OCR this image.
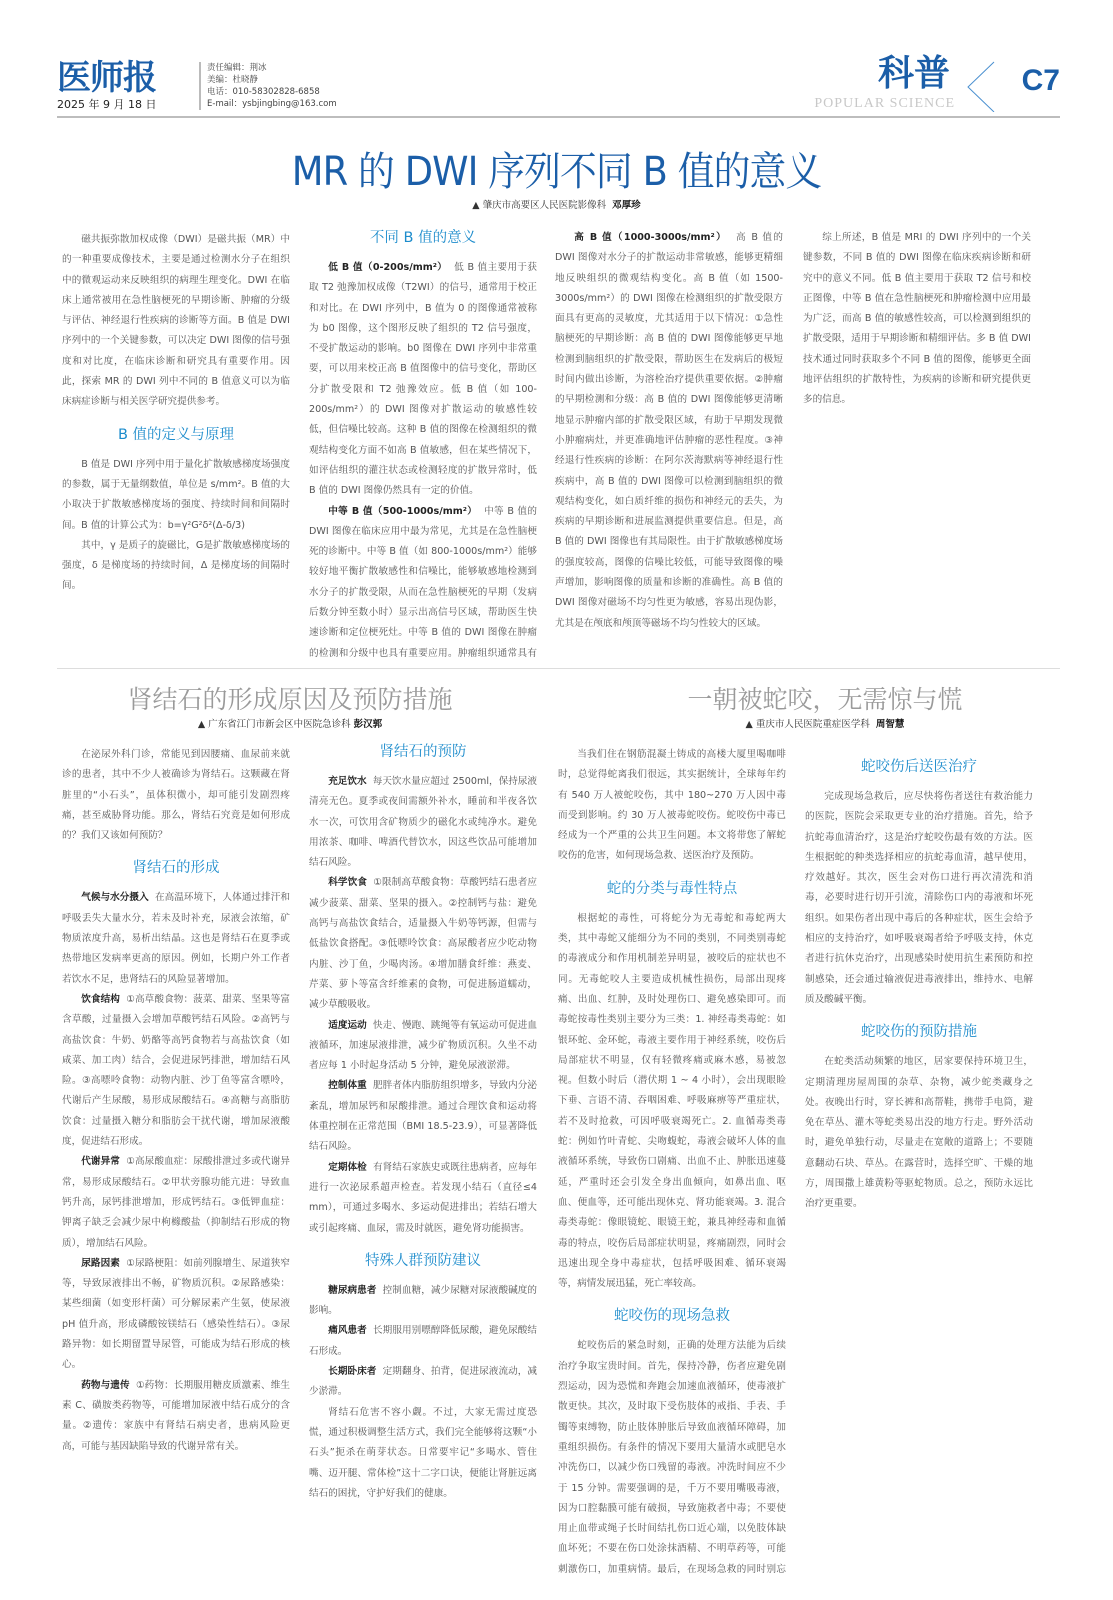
医师报
2025 年 9 月 18 日
责任编辑：荆冰
美编：杜晓静
电话：010-58302828-6858
E-mail：ysbjingbing@163.com
科普
POPULAR SCIENCE
C7
MR 的 DWI 序列不同 B 值的意义
▲ 肇庆市高要区人民医院影像科 邓厚珍

磁共振弥散加权成像（DWI）是磁共振（MR）中的一种重要成像技术，主要是通过检测水分子在组织中的微观运动来反映组织的病理生理变化。DWI 在临床上通常被用在急性脑梗死的早期诊断、肿瘤的分级与评估、神经退行性疾病的诊断等方面。B 值是 DWI 序列中的一个关键参数，可以决定 DWI 图像的信号强度和对比度，在临床诊断和研究具有重要作用。因此，探索 MR 的 DWI 列中不同的 B 值意义可以为临床病症诊断与相关医学研究提供参考。

B 值的定义与原理

B 值是 DWI 序列中用于量化扩散敏感梯度场强度的参数，属于无量纲数值，单位是 s/mm²。B 值的大小取决于扩散敏感梯度场的强度、持续时间和间隔时间。B 值的计算公式为：b=γ²G²δ²(Δ-δ/3)

其中，γ 是质子的旋磁比，G是扩散敏感梯度场的强度，δ 是梯度场的持续时间，Δ 是梯度场的间隔时间。

不同 B 值的意义

低 B 值（0-200s/mm²） 低 B 值主要用于获取 T2 弛豫加权成像（T2WI）的信号，通常用于校正和对比。在 DWI 序列中，B 值为 0 的图像通常被称为 b0 图像，这个图形反映了组织的 T2 信号强度，不受扩散运动的影响。b0 图像在 DWI 序列中非常重要，可以用来校正高 B 值图像中的信号变化，帮助区分扩散受限和 T2 弛豫效应。低 B 值（如 100-200s/mm²）的 DWI 图像对扩散运动的敏感性较低，但信噪比较高。这种 B 值的图像在检测组织的微观结构变化方面不如高 B 值敏感，但在某些情况下，如评估组织的灌注状态或检测轻度的扩散异常时，低 B 值的 DWI 图像仍然具有一定的价值。

中等 B 值（500-1000s/mm²） 中等 B 值的 DWI 图像在临床应用中最为常见，尤其是在急性脑梗死的诊断中。中等 B 值（如 800-1000s/mm²）能够较好地平衡扩散敏感性和信噪比，能够敏感地检测到水分子的扩散受限，从而在急性脑梗死的早期（发病后数分钟至数小时）显示出高信号区域，帮助医生快速诊断和定位梗死灶。中等 B 值的 DWI 图像在肿瘤的检测和分级中也具有重要应用。肿瘤组织通常具有

高 B 值（1000-3000s/mm²） 高 B 值的 DWI 图像对水分子的扩散运动非常敏感，能够更精细地反映组织的微观结构变化。高 B 值（如 1500-3000s/mm²）的 DWI 图像在检测组织的扩散受限方面具有更高的灵敏度，尤其适用于以下情况：①急性脑梗死的早期诊断：高 B 值的 DWI 图像能够更早地检测到脑组织的扩散受限，帮助医生在发病后的极短时间内做出诊断，为溶栓治疗提供重要依据。②肿瘤的早期检测和分级：高 B 值的 DWI 图像能够更清晰地显示肿瘤内部的扩散受限区域，有助于早期发现微小肿瘤病灶，并更准确地评估肿瘤的恶性程度。③神经退行性疾病的诊断：在阿尔茨海默病等神经退行性疾病中，高 B 值的 DWI 图像可以检测到脑组织的微观结构变化，如白质纤维的损伤和神经元的丢失，为疾病的早期诊断和进展监测提供重要信息。但是，高 B 值的 DWI 图像也有其局限性。由于扩散敏感梯度场的强度较高，图像的信噪比较低，可能导致图像的噪声增加，影响图像的质量和诊断的准确性。高 B 值的 DWI 图像对磁场不均匀性更为敏感，容易出现伪影，尤其是在颅底和颅顶等磁场不均匀性较大的区域。

综上所述，B 值是 MRI 的 DWI 序列中的一个关键参数，不同 B 值的 DWI 图像在临床疾病诊断和研究中的意义不同。低 B 值主要用于获取 T2 信号和校正图像，中等 B 值在急性脑梗死和肿瘤检测中应用最为广泛，而高 B 值的敏感性较高，可以检测到组织的扩散受限，适用于早期诊断和精细评估。多 B 值 DWI 技术通过同时获取多个不同 B 值的图像，能够更全面地评估组织的扩散特性，为疾病的诊断和研究提供更多的信息。

肾结石的形成原因及预防措施
▲ 广东省江门市新会区中医院急诊科 彭汉郭

在泌尿外科门诊，常能见到因腰痛、血尿前来就诊的患者，其中不少人被确诊为肾结石。这颗藏在肾脏里的“小石头”，虽体积微小，却可能引发剧烈疼痛，甚至威胁肾功能。那么，肾结石究竟是如何形成的？我们又该如何预防？

肾结石的形成

气候与水分摄入 在高温环境下，人体通过排汗和呼吸丢失大量水分，若未及时补充，尿液会浓缩，矿物质浓度升高，易析出结晶。这也是肾结石在夏季或热带地区发病率更高的原因。例如，长期户外工作者若饮水不足，患肾结石的风险显著增加。

饮食结构 ①高草酸食物：菠菜、甜菜、坚果等富含草酸，过量摄入会增加草酸钙结石风险。②高钙与高盐饮食：牛奶、奶酪等高钙食物若与高盐饮食（如咸菜、加工肉）结合，会促进尿钙排泄，增加结石风险。③高嘌呤食物：动物内脏、沙丁鱼等富含嘌呤，代谢后产生尿酸，易形成尿酸结石。④高糖与高脂肪饮食：过量摄入糖分和脂肪会干扰代谢，增加尿液酸度，促进结石形成。

代谢异常 ①高尿酸血症：尿酸排泄过多或代谢异常，易形成尿酸结石。②甲状旁腺功能亢进：导致血钙升高，尿钙排泄增加，形成钙结石。③低钾血症：钾离子缺乏会减少尿中枸橼酸盐（抑制结石形成的物质），增加结石风险。

尿路因素 ①尿路梗阻：如前列腺增生、尿道狭窄等，导致尿液排出不畅，矿物质沉积。②尿路感染：某些细菌（如变形杆菌）可分解尿素产生氨，使尿液 pH 值升高，形成磷酸铵镁结石（感染性结石）。③尿路异物：如长期留置导尿管，可能成为结石形成的核心。

药物与遗传 ①药物：长期服用糖皮质激素、维生素 C、磺胺类药物等，可能增加尿液中结石成分的含量。②遗传：家族中有肾结石病史者，患病风险更高，可能与基因缺陷导致的代谢异常有关。

肾结石的预防

充足饮水 每天饮水量应超过 2500ml，保持尿液清亮无色。夏季或夜间需额外补水，睡前和半夜各饮水一次，可饮用含矿物质少的磁化水或纯净水。避免用浓茶、咖啡、啤酒代替饮水，因这些饮品可能增加结石风险。

科学饮食 ①限制高草酸食物：草酸钙结石患者应减少菠菜、甜菜、坚果的摄入。②控制钙与盐：避免高钙与高盐饮食结合，适量摄入牛奶等钙源，但需与低盐饮食搭配。③低嘌呤饮食：高尿酸者应少吃动物内脏、沙丁鱼，少喝肉汤。④增加膳食纤维：燕麦、芹菜、萝卜等富含纤维素的食物，可促进肠道蠕动，减少草酸吸收。

适度运动 快走、慢跑、跳绳等有氧运动可促进血液循环，加速尿液排泄，减少矿物质沉积。久坐不动者应每 1 小时起身活动 5 分钟，避免尿液淤滞。

控制体重 肥胖者体内脂肪组织增多，导致内分泌紊乱，增加尿钙和尿酸排泄。通过合理饮食和运动将体重控制在正常范围（BMI 18.5-23.9），可显著降低结石风险。

定期体检 有肾结石家族史或既往患病者，应每年进行一次泌尿系超声检查。若发现小结石（直径≤4 mm），可通过多喝水、多运动促进排出；若结石增大或引起疼痛、血尿，需及时就医，避免肾功能损害。

特殊人群预防建议

糖尿病患者 控制血糖，减少尿糖对尿液酸碱度的影响。

痛风患者 长期服用别嘌醇降低尿酸，避免尿酸结石形成。

长期卧床者 定期翻身、拍背，促进尿液流动，减少淤滞。

肾结石危害不容小觑。不过，大家无需过度恐慌，通过积极调整生活方式，我们完全能够将这颗“小石头”扼杀在萌芽状态。日常要牢记“多喝水、管住嘴、迈开腿、常体检”这十二字口诀，便能让肾脏远离结石的困扰，守护好我们的健康。

一朝被蛇咬，无需惊与慌
▲ 重庆市人民医院重症医学科 周智慧

当我们住在钢筋混凝土铸成的高楼大厦里喝咖啡时，总觉得蛇离我们很远，其实据统计，全球每年约有 540 万人被蛇咬伤，其中 180~270 万人因中毒而受到影响。约 30 万人被毒蛇咬伤。蛇咬伤中毒已经成为一个严重的公共卫生问题。本文将带您了解蛇咬伤的危害，如何现场急救、送医治疗及预防。

蛇的分类与毒性特点

根据蛇的毒性，可将蛇分为无毒蛇和毒蛇两大类，其中毒蛇又能细分为不同的类别，不同类别毒蛇的毒液成分和作用机制差异明显，被咬后的症状也不同。无毒蛇咬人主要造成机械性损伤，局部出现疼痛、出血、红肿，及时处理伤口、避免感染即可。而毒蛇按毒性类别主要分为三类：1. 神经毒类毒蛇：如银环蛇、金环蛇，毒液主要作用于神经系统，咬伤后局部症状不明显，仅有轻微疼痛或麻木感，易被忽视。但数小时后（潜伏期 1 ~ 4 小时），会出现眼睑下垂、言语不清、吞咽困难、呼吸麻痹等严重症状，若不及时抢救，可因呼吸衰竭死亡。2. 血循毒类毒蛇：例如竹叶青蛇、尖吻蝮蛇，毒液会破坏人体的血液循环系统，导致伤口剧痛、出血不止、肿胀迅速蔓延，严重时还会引发全身出血倾向，如鼻出血、呕血、便血等，还可能出现休克、肾功能衰竭。3. 混合毒类毒蛇：像眼镜蛇、眼镜王蛇，兼具神经毒和血循毒的特点，咬伤后局部症状明显，疼痛剧烈，同时会迅速出现全身中毒症状，包括呼吸困难、循环衰竭等，病情发展迅猛，死亡率较高。

蛇咬伤的现场急救

蛇咬伤后的紧急时刻，正确的处理方法能为后续治疗争取宝贵时间。首先，保持冷静，伤者应避免剧烈运动，因为恐慌和奔跑会加速血液循环，使毒液扩散更快。其次，及时取下受伤肢体的戒指、手表、手镯等束缚物，防止肢体肿胀后导致血液循环障碍，加重组织损伤。有条件的情况下要用大量清水或肥皂水冲洗伤口，以减少伤口残留的毒液。冲洗时间应不少于 15 分钟。需要强调的是，千万不要用嘴吸毒液，因为口腔黏膜可能有破损，导致施救者中毒；不要使用止血带或绳子长时间结扎伤口近心端，以免肢体缺血坏死；不要在伤口处涂抹酒精、不明草药等，可能刺激伤口，加重病情。最后，在现场急救的同时别忘

蛇咬伤后送医治疗

完成现场急救后，应尽快将伤者送往有救治能力的医院，医院会采取更专业的治疗措施。首先，给予抗蛇毒血清治疗，这是治疗蛇咬伤最有效的方法。医生根据蛇的种类选择相应的抗蛇毒血清，越早使用，疗效越好。其次，医生会对伤口进行再次清洗和消毒，必要时进行切开引流，清除伤口内的毒液和坏死组织。如果伤者出现中毒后的各种症状，医生会给予相应的支持治疗，如呼吸衰竭者给予呼吸支持，休克者进行抗休克治疗，出现感染时使用抗生素预防和控制感染，还会通过输液促进毒液排出，维持水、电解质及酸碱平衡。

蛇咬伤的预防措施

在蛇类活动频繁的地区，居家要保持环境卫生，定期清理房屋周围的杂草、杂物，减少蛇类藏身之处。夜晚出行时，穿长裤和高帮鞋，携带手电筒，避免在草丛、灌木等蛇类易出没的地方行走。野外活动时，避免单独行动，尽量走在宽敞的道路上；不要随意翻动石块、草丛。在露营时，选择空旷、干燥的地方，周围撒上雄黄粉等驱蛇物质。总之，预防永远比治疗更重要。
